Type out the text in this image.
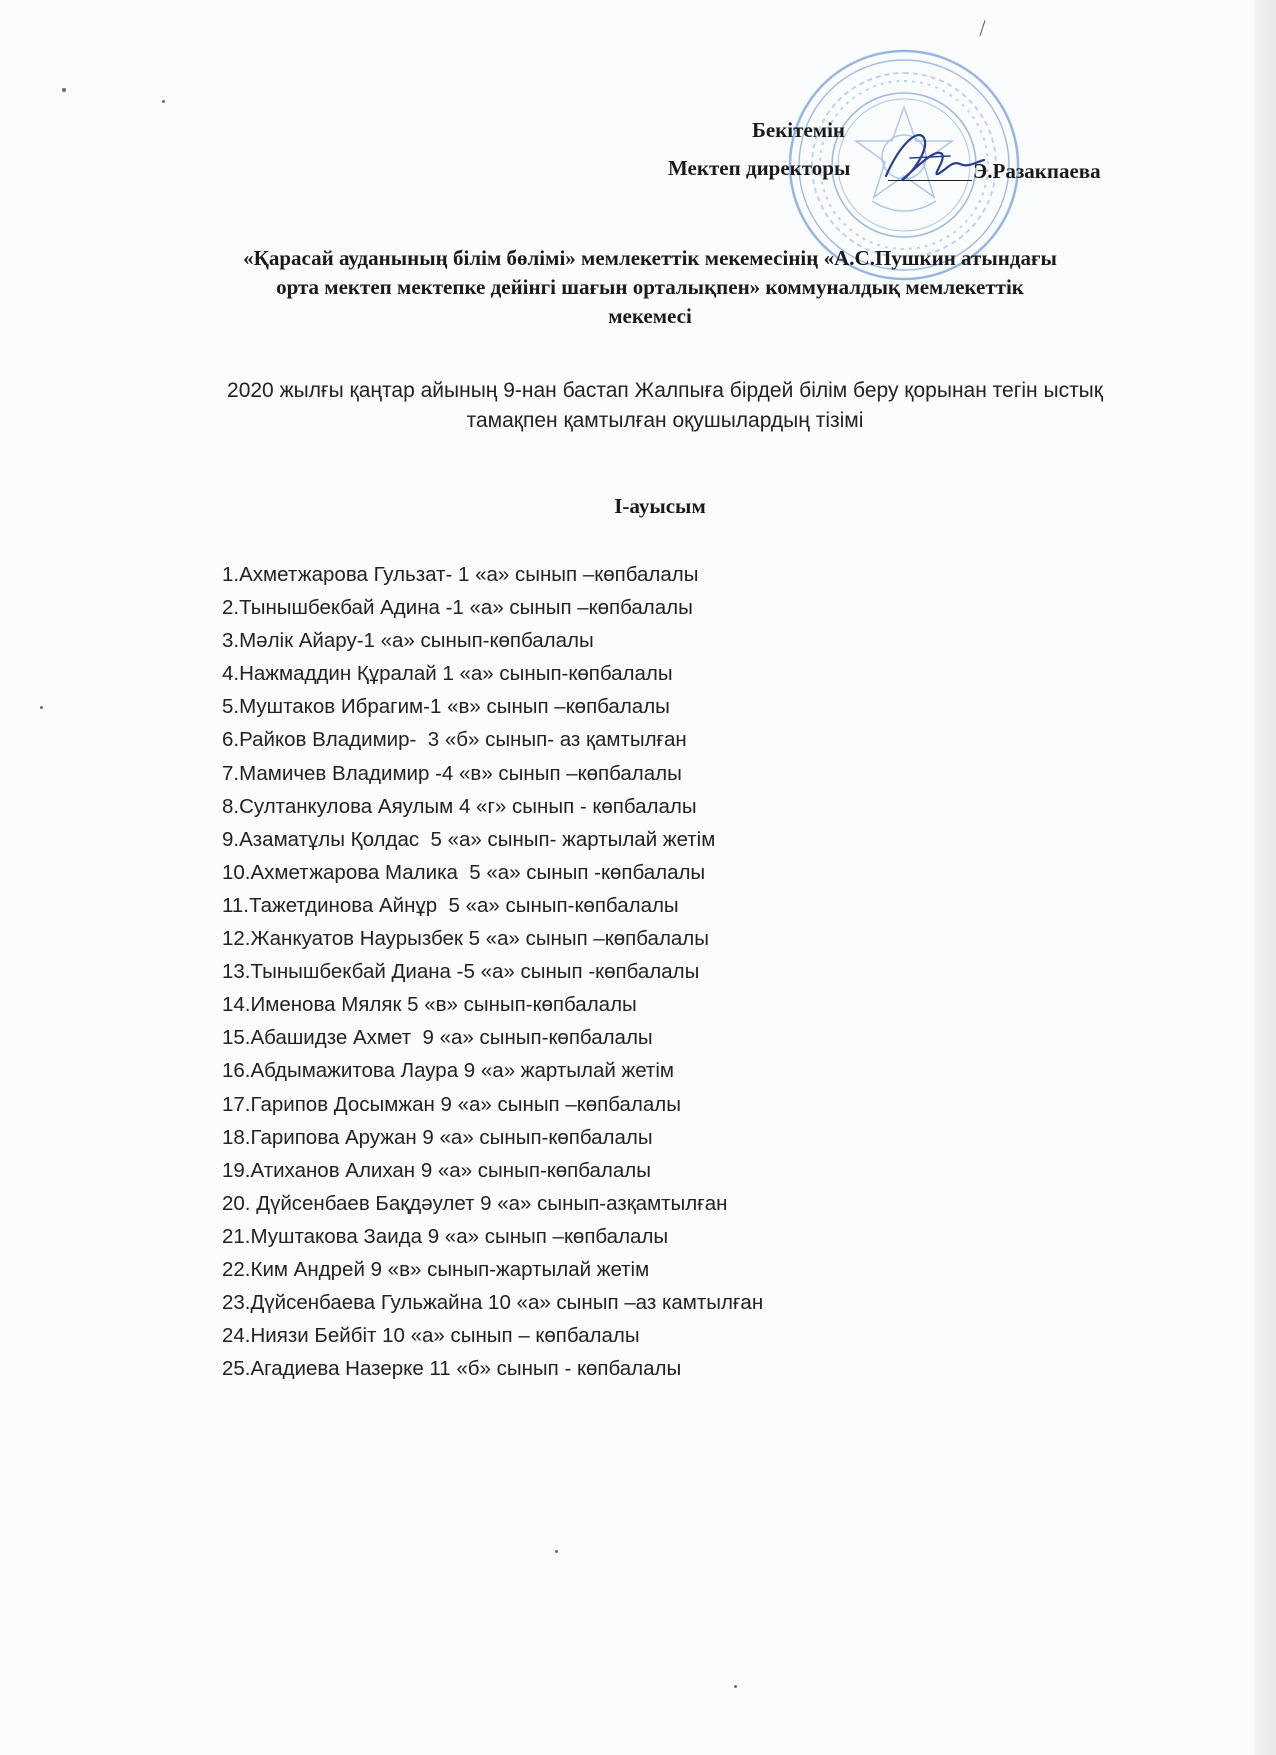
Бекітемін
Мектеп директоры	Э.Разакпаева
«Қарасай ауданының білім бөлімі» мемлекеттік мекемесінің «А.С.Пушкин атындағы
орта мектеп мектепке дейінгі шағын орталықпен» коммуналдық мемлекеттік
мекемесі
2020 жылғы қаңтар айының 9-нан бастап Жалпыға бірдей білім беру қорынан тегін ыстық
тамақпен қамтылған оқушылардың тізімі
І-ауысым
1.Ахметжарова Гульзат- 1 «а» сынып –көпбалалы
2.Тынышбекбай Адина -1 «а» сынып –көпбалалы
3.Мәлік Айару-1 «а» сынып-көпбалалы
4.Нажмаддин Құралай 1 «а» сынып-көпбалалы
5.Муштаков Ибрагим-1 «в» сынып –көпбалалы
6.Райков Владимир-  3 «б» сынып- аз қамтылған
7.Мамичев Владимир -4 «в» сынып –көпбалалы
8.Султанкулова Аяулым 4 «г» сынып - көпбалалы
9.Азаматұлы Қолдас  5 «а» сынып- жартылай жетім
10.Ахметжарова Малика  5 «а» сынып -көпбалалы
11.Тажетдинова Айнұр  5 «а» сынып-көпбалалы
12.Жанкуатов Наурызбек 5 «а» сынып –көпбалалы
13.Тынышбекбай Диана -5 «а» сынып -көпбалалы
14.Именова Мяляк 5 «в» сынып-көпбалалы
15.Абашидзе Ахмет  9 «а» сынып-көпбалалы
16.Абдымажитова Лаура 9 «а» жартылай жетім
17.Гарипов Досымжан 9 «а» сынып –көпбалалы
18.Гарипова Аружан 9 «а» сынып-көпбалалы
19.Атиханов Алихан 9 «а» сынып-көпбалалы
20. Дүйсенбаев Бақдәулет 9 «а» сынып-азқамтылған
21.Муштакова Заида 9 «а» сынып –көпбалалы
22.Ким Андрей 9 «в» сынып-жартылай жетім
23.Дүйсенбаева Гульжайна 10 «а» сынып –аз камтылған
24.Ниязи Бейбіт 10 «а» сынып – көпбалалы
25.Агадиева Назерке 11 «б» сынып - көпбалалы
